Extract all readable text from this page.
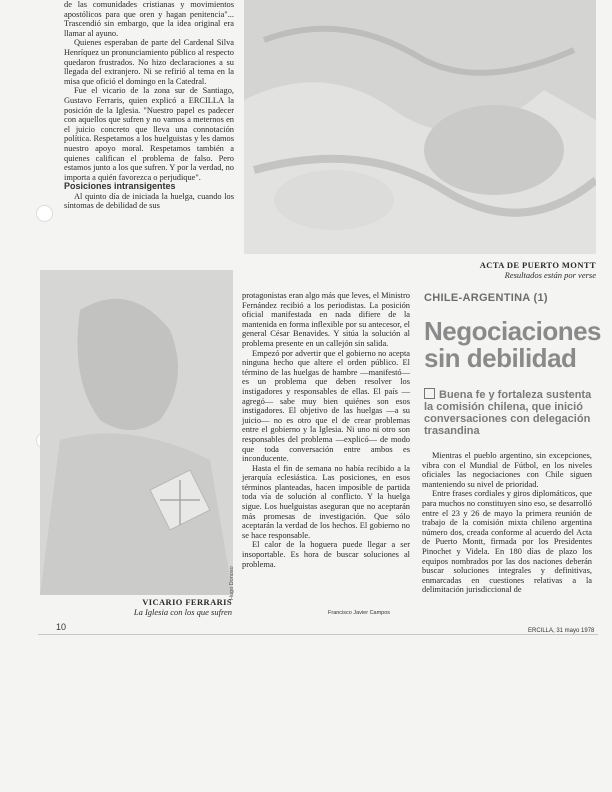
de las comunidades cristianas y movimientos apostólicos para que oren y hagan penitencia"... Trascendió sin embargo, que la idea original era llamar al ayuno.

Quienes esperaban de parte del Cardenal Silva Henríquez un pronunciamiento público al respecto quedaron frustrados. No hizo declaraciones a su llegada del extranjero. Ni se refirió al tema en la misa que ofició el domingo en la Catedral.

Fue el vicario de la zona sur de Santiago, Gustavo Ferraris, quien explicó a ERCILLA la posición de la Iglesia. "Nuestro papel es padecer con aquellos que sufren y no vamos a meternos en el juicio concreto que lleva una connotación política. Respetamos a los huelguistas y les damos nuestro apoyo moral. Respetamos también a quienes califican el problema de falso. Pero estamos junto a los que sufren. Y por la verdad, no importa a quién favorezca o perjudique".

Posiciones intransigentes

Al quinto día de iniciada la huelga, cuando los síntomas de debilidad de sus

ACTA DE PUERTO MONTT
Resultados están por verse
Hugo Donoso
VICARIO FERRARIS
La Iglesia con los que sufren

protagonistas eran algo más que leves, el Ministro Fernández recibió a los periodistas. La posición oficial manifestada en nada difiere de la mantenida en forma inflexible por su antecesor, el general César Benavides. Y sitúa la solución al problema presente en un callejón sin salida.

Empezó por advertir que el gobierno no acepta ninguna hecho que altere el orden público. El término de las huelgas de hambre —manifestó— es un problema que deben resolver los instigadores y responsables de ellas. El país —agregó— sabe muy bien quiénes son esos instigadores. El objetivo de las huelgas —a su juicio— no es otro que el de crear problemas entre el gobierno y la Iglesia. Ni uno ni otro son responsables del problema —explicó— de modo que toda conversación entre ambos es inconducente.

Hasta el fin de semana no había recibido a la jerarquía eclesiástica. Las posiciones, en esos términos planteadas, hacen imposible de partida toda vía de solución al conflicto. Y la huelga sigue. Los huelguistas aseguran que no aceptarán más promesas de investigación. Que sólo aceptarán la verdad de los hechos. El gobierno no se hace responsable.

El calor de la hoguera puede llegar a ser insoportable. Es hora de buscar soluciones al problema.

Francisco Javier Campos
CHILE-ARGENTINA (1)
Negociaciones sin debilidad
Buena fe y fortaleza sustenta la comisión chilena, que inició conversaciones con delegación trasandina

Mientras el pueblo argentino, sin excepciones, vibra con el Mundial de Fútbol, en los niveles oficiales las negociaciones con Chile siguen manteniendo su nivel de prioridad.

Entre frases cordiales y giros diplomáticos, que para muchos no constituyen sino eso, se desarrolló entre el 23 y 26 de mayo la primera reunión de trabajo de la comisión mixta chileno argentina número dos, creada conforme al acuerdo del Acta de Puerto Montt, firmada por los Presidentes Pinochet y Videla. En 180 días de plazo los equipos nombrados por las dos naciones deberán buscar soluciones integrales y definitivas, enmarcadas en cuestiones relativas a la delimitación jurisdiccional de

10	ERCILLA, 31 mayo 1978
